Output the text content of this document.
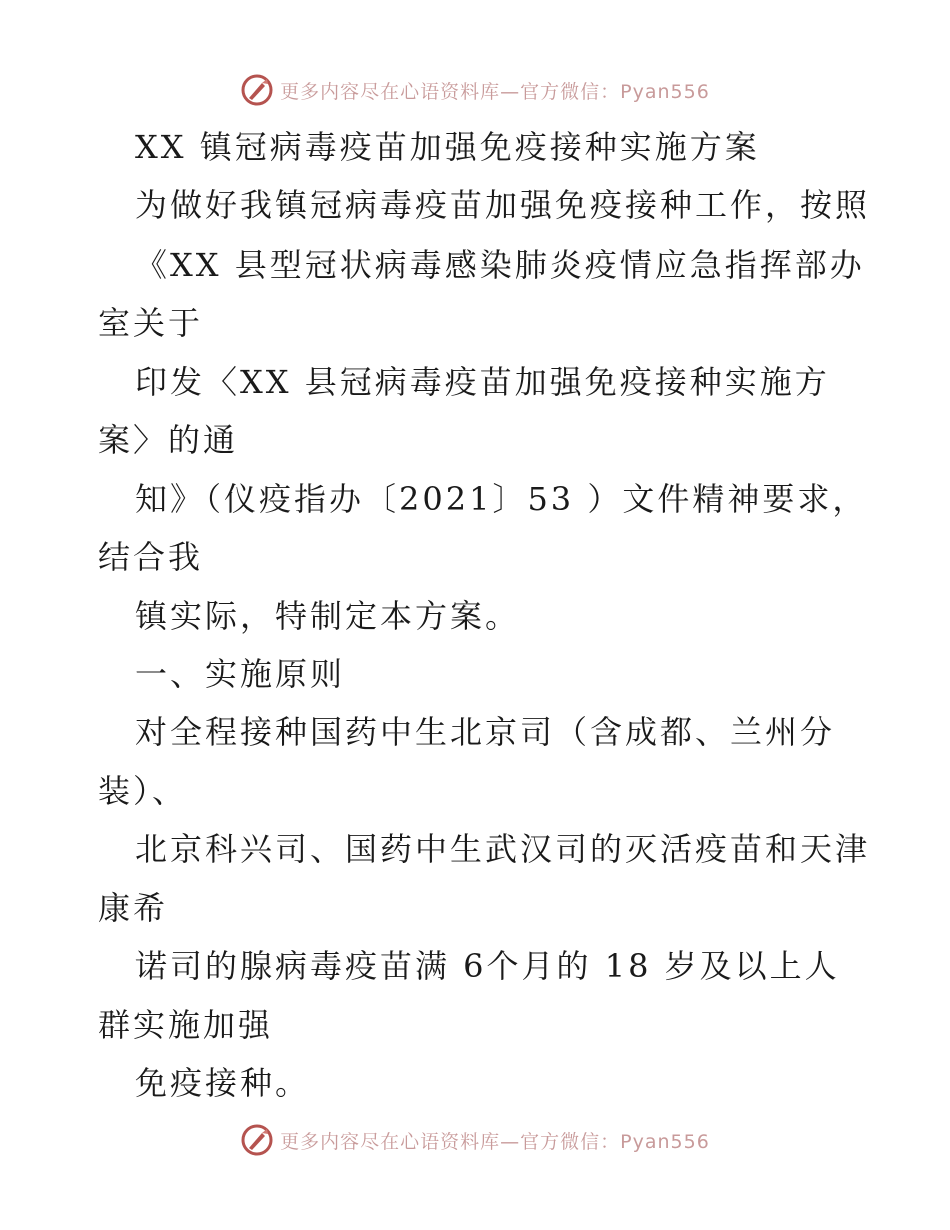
更多内容尽在心语资料库—官方微信：Pyan556
XX 镇冠病毒疫苗加强免疫接种实施方案
为做好我镇冠病毒疫苗加强免疫接种工作，按照
《XX 县型冠状病毒感染肺炎疫情应急指挥部办
室关于
印发〈XX 县冠病毒疫苗加强免疫接种实施方
案〉的通
知》（仪疫指办〔2021〕53 ）文件精神要求，
结合我
镇实际，特制定本方案。
一、实施原则
对全程接种国药中生北京司（含成都、兰州分
装）、
北京科兴司、国药中生武汉司的灭活疫苗和天津
康希
诺司的腺病毒疫苗满 6个月的 18 岁及以上人
群实施加强
免疫接种。
更多内容尽在心语资料库—官方微信：Pyan556
